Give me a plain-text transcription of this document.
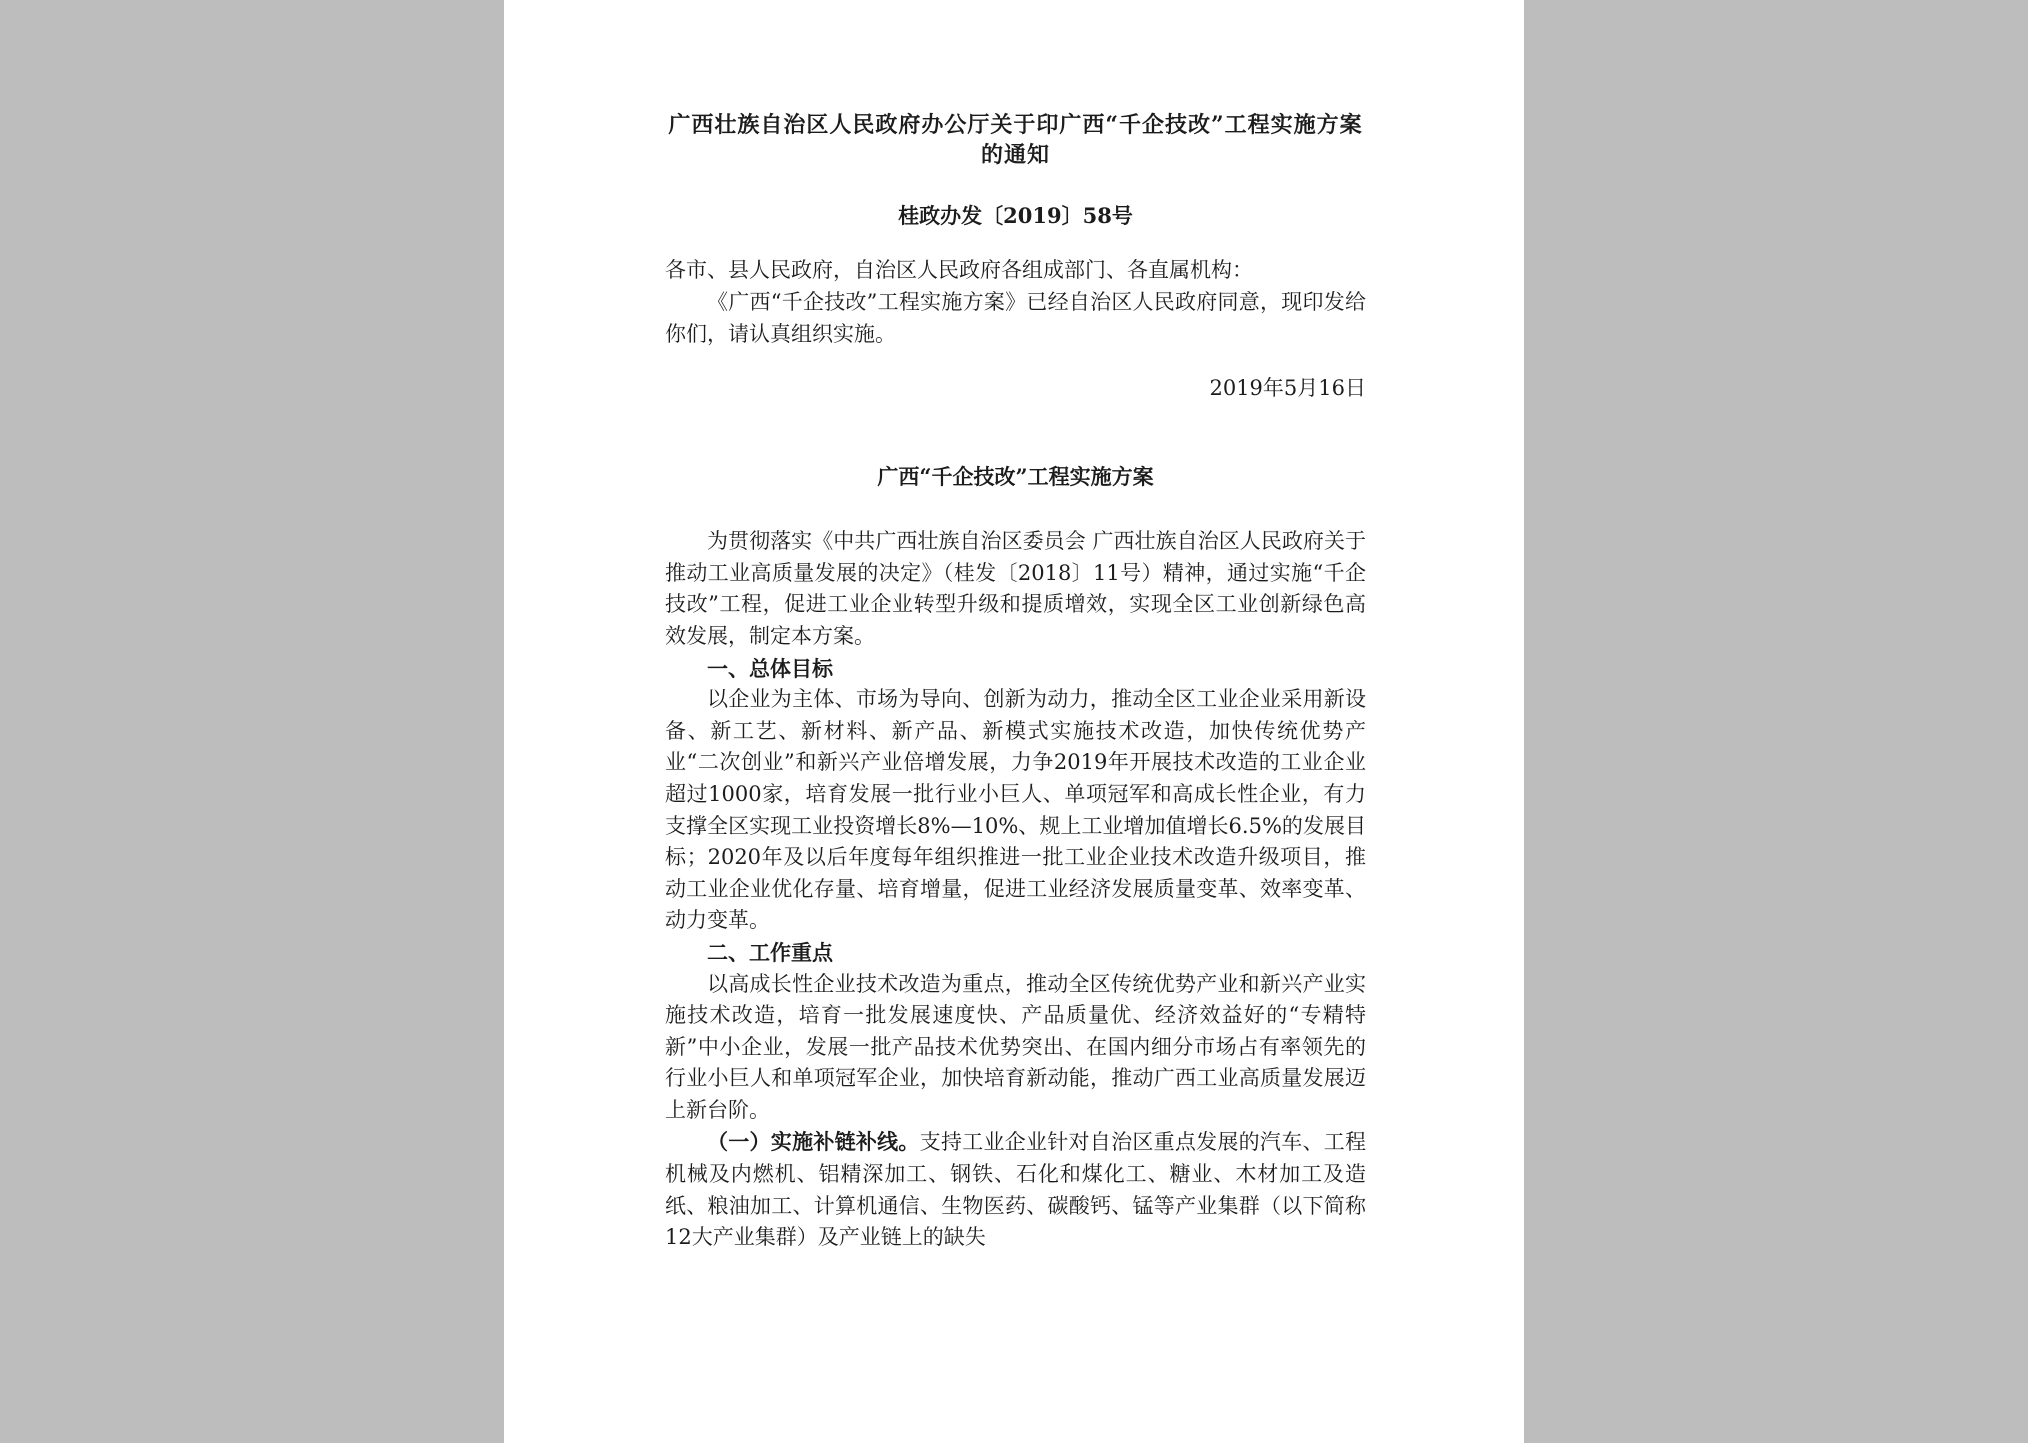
广西壮族自治区人民政府办公厅关于印广西“千企技改”工程实施方案的通知
桂政办发〔2019〕58号
各市、县人民政府，自治区人民政府各组成部门、各直属机构：

《广西“千企技改”工程实施方案》已经自治区人民政府同意，现印发给你们，请认真组织实施。

2019年5月16日
广西“千企技改”工程实施方案

为贯彻落实《中共广西壮族自治区委员会 广西壮族自治区人民政府关于推动工业高质量发展的决定》（桂发〔2018〕11号）精神，通过实施“千企技改”工程，促进工业企业转型升级和提质增效，实现全区工业创新绿色高效发展，制定本方案。

一、总体目标

以企业为主体、市场为导向、创新为动力，推动全区工业企业采用新设备、新工艺、新材料、新产品、新模式实施技术改造，加快传统优势产业“二次创业”和新兴产业倍增发展，力争2019年开展技术改造的工业企业超过1000家，培育发展一批行业小巨人、单项冠军和高成长性企业，有力支撑全区实现工业投资增长8%—10%、规上工业增加值增长6.5%的发展目标；2020年及以后年度每年组织推进一批工业企业技术改造升级项目，推动工业企业优化存量、培育增量，促进工业经济发展质量变革、效率变革、动力变革。

二、工作重点

以高成长性企业技术改造为重点，推动全区传统优势产业和新兴产业实施技术改造，培育一批发展速度快、产品质量优、经济效益好的“专精特新”中小企业，发展一批产品技术优势突出、在国内细分市场占有率领先的行业小巨人和单项冠军企业，加快培育新动能，推动广西工业高质量发展迈上新台阶。

（一）实施补链补线。支持工业企业针对自治区重点发展的汽车、工程机械及内燃机、铝精深加工、钢铁、石化和煤化工、糖业、木材加工及造纸、粮油加工、计算机通信、生物医药、碳酸钙、锰等产业集群（以下简称12大产业集群）及产业链上的缺失
